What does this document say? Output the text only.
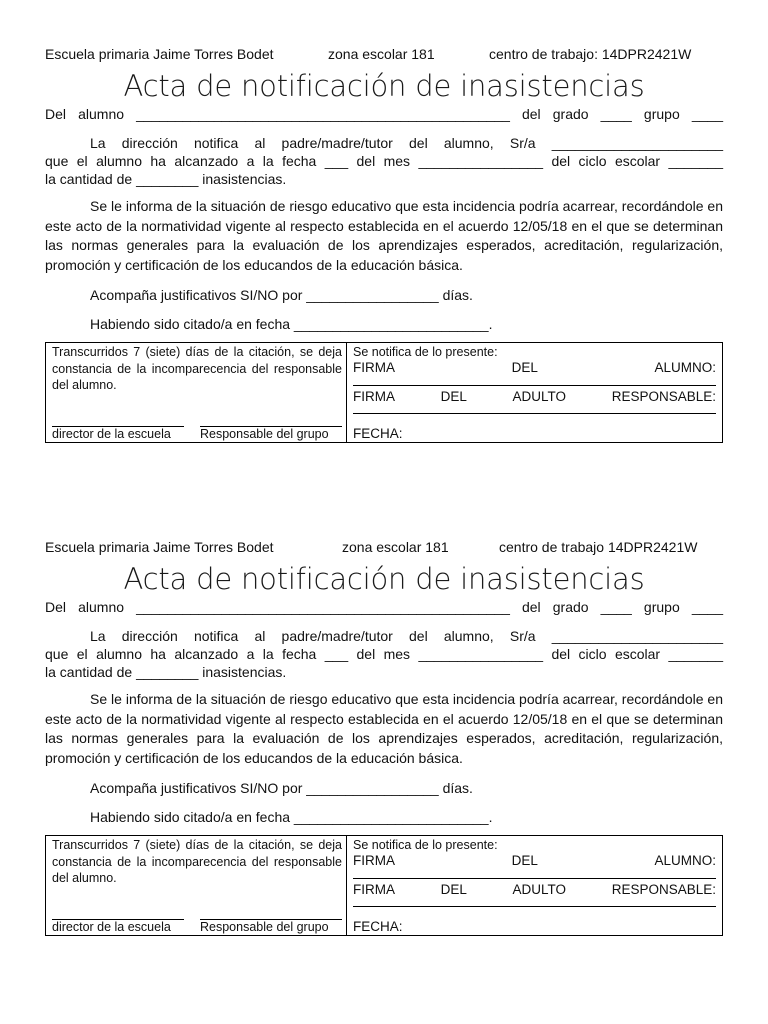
Escuela primaria Jaime Torres Bodet	zona escolar 181	centro de trabajo: 14DPR2421W
Acta de notificación de inasistencias
Del alumno ________________________________________________ del grado ____ grupo ____
La dirección notifica al padre/madre/tutor del alumno, Sr/a ______________________
que el alumno ha alcanzado a la fecha ___ del mes ________________ del ciclo escolar _______
la cantidad de ________ inasistencias.
Se le informa de la situación de riesgo educativo que esta incidencia podría acarrear, recordándole en este acto de la normatividad vigente al respecto establecida en el acuerdo 12/05/18 en el que se determinan las normas generales para la evaluación de los aprendizajes esperados, acreditación, regularización, promoción y certificación de los educandos de la educación básica.
Acompaña justificativos SI/NO por _________________ días.
Habiendo sido citado/a en fecha _________________________.
Transcurridos 7 (siete) días de la citación, se deja constancia de la incomparecencia del responsable del alumno.
director de la escuela	Responsable del grupo
Se notifica de lo presente:
FIRMA	DEL	ALUMNO:
FIRMA	DEL	ADULTO	RESPONSABLE:
FECHA:
Escuela primaria Jaime Torres Bodet	zona escolar 181	centro de trabajo 14DPR2421W
Acta de notificación de inasistencias
Del alumno ________________________________________________ del grado ____ grupo ____
La dirección notifica al padre/madre/tutor del alumno, Sr/a ______________________
que el alumno ha alcanzado a la fecha ___ del mes ________________ del ciclo escolar _______
la cantidad de ________ inasistencias.
Se le informa de la situación de riesgo educativo que esta incidencia podría acarrear, recordándole en este acto de la normatividad vigente al respecto establecida en el acuerdo 12/05/18 en el que se determinan las normas generales para la evaluación de los aprendizajes esperados, acreditación, regularización, promoción y certificación de los educandos de la educación básica.
Acompaña justificativos SI/NO por _________________ días.
Habiendo sido citado/a en fecha _________________________.
Transcurridos 7 (siete) días de la citación, se deja constancia de la incomparecencia del responsable del alumno.
director de la escuela	Responsable del grupo
Se notifica de lo presente:
FIRMA	DEL	ALUMNO:
FIRMA	DEL	ADULTO	RESPONSABLE:
FECHA:
